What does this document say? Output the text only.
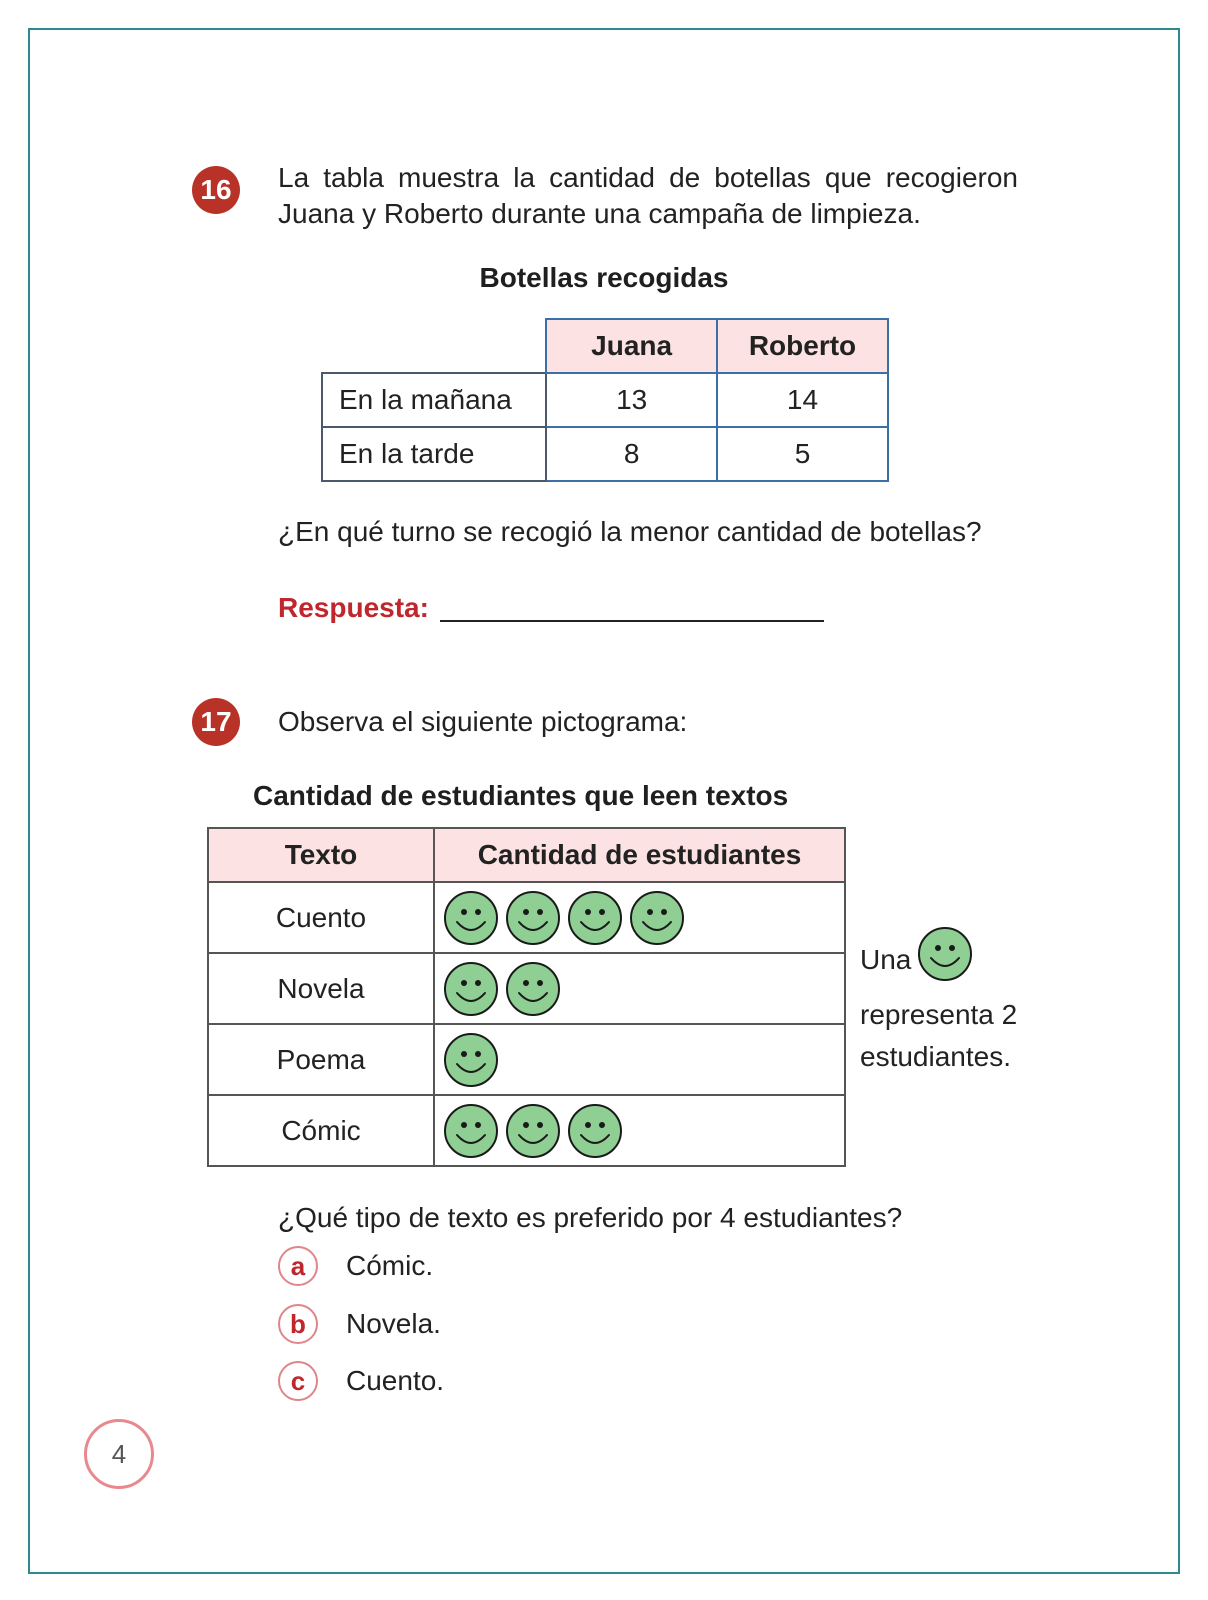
16 La tabla muestra la cantidad de botellas que recogieron Juana y Roberto durante una campaña de limpieza.
Botellas recogidas
	Juana	Roberto
En la mañana	13	14
En la tarde	8	5
¿En qué turno se recogió la menor cantidad de botellas?
Respuesta:
17 Observa el siguiente pictograma:
Cantidad de estudiantes que leen textos
Texto	Cantidad de estudiantes
Cuento	

Novela	

Poema	

Cómic	
Una
representa 2
estudiantes.
¿Qué tipo de texto es preferido por 4 estudiantes?
a	Cómic.
b	Novela.
c	Cuento.
4
